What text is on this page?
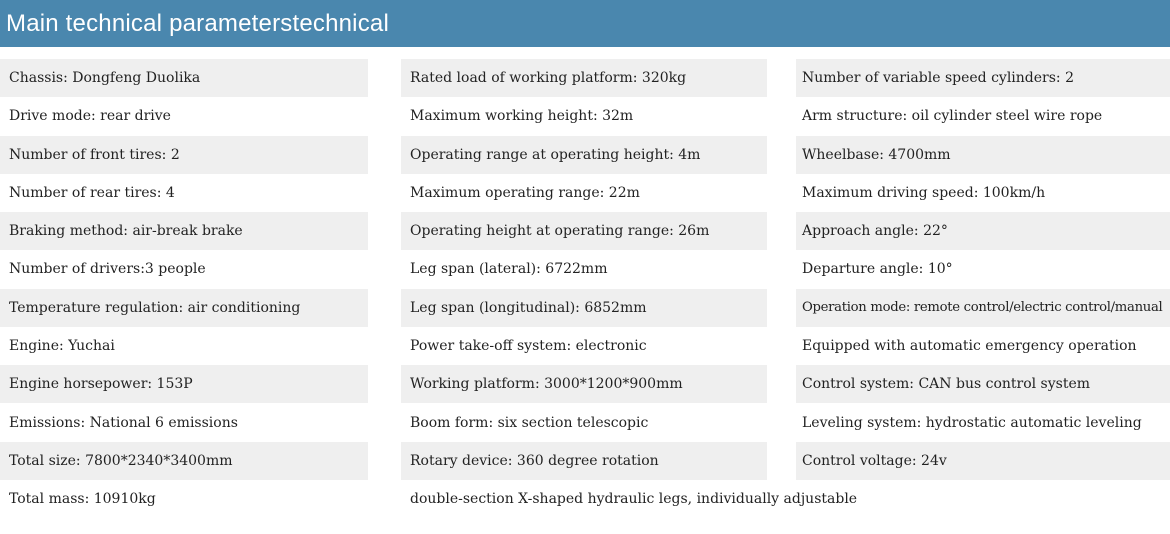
Main technical parameterstechnical
Chassis: Dongfeng Duolika	Rated load of working platform: 320kg	Number of variable speed cylinders: 2
Drive mode: rear drive	Maximum working height: 32m	Arm structure: oil cylinder steel wire rope
Number of front tires: 2	Operating range at operating height: 4m	Wheelbase: 4700mm
Number of rear tires: 4	Maximum operating range: 22m	Maximum driving speed: 100km/h
Braking method: air-break brake	Operating height at operating range: 26m	Approach angle: 22°
Number of drivers:3 people	Leg span (lateral): 6722mm	Departure angle: 10°
Temperature regulation: air conditioning	Leg span (longitudinal): 6852mm	Operation mode: remote control/electric control/manual
Engine: Yuchai	Power take-off system: electronic	Equipped with automatic emergency operation
Engine horsepower: 153P	Working platform: 3000*1200*900mm	Control system: CAN bus control system
Emissions: National 6 emissions	Boom form: six section telescopic	Leveling system: hydrostatic automatic leveling
Total size: 7800*2340*3400mm	Rotary device: 360 degree rotation	Control voltage: 24v
Total mass: 10910kg	double-section X-shaped hydraulic legs, individually adjustable
